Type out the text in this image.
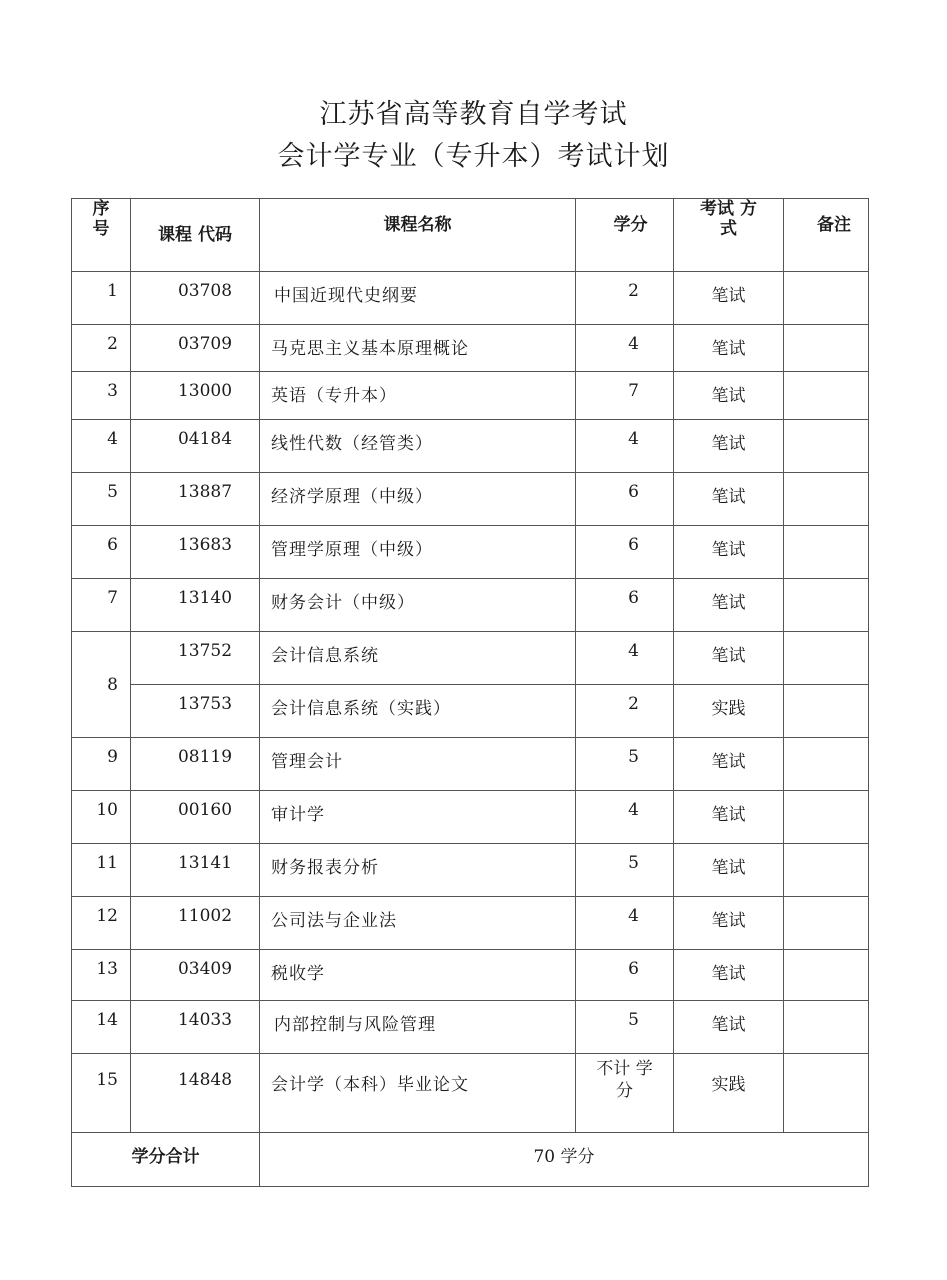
江苏省高等教育自学考试
会计学专业（专升本）考试计划
序 号	课程 代码	课程名称	学分	考试 方 式	备注
1	03708	中国近现代史纲要	2	笔试	
2	03709	马克思主义基本原理概论	4	笔试	
3	13000	英语（专升本）	7	笔试	
4	04184	线性代数（经管类）	4	笔试	
5	13887	经济学原理（中级）	6	笔试	
6	13683	管理学原理（中级）	6	笔试	
7	13140	财务会计（中级）	6	笔试	
8	13752	会计信息系统	4	笔试	
	13753	会计信息系统（实践）	2	实践	
9	08119	管理会计	5	笔试	
10	00160	审计学	4	笔试	
11	13141	财务报表分析	5	笔试	
12	11002	公司法与企业法	4	笔试	
13	03409	税收学	6	笔试	
14	14033	内部控制与风险管理	5	笔试	
15	14848	会计学（本科）毕业论文	不计 学 分	实践	
学分合计		70 学分			
